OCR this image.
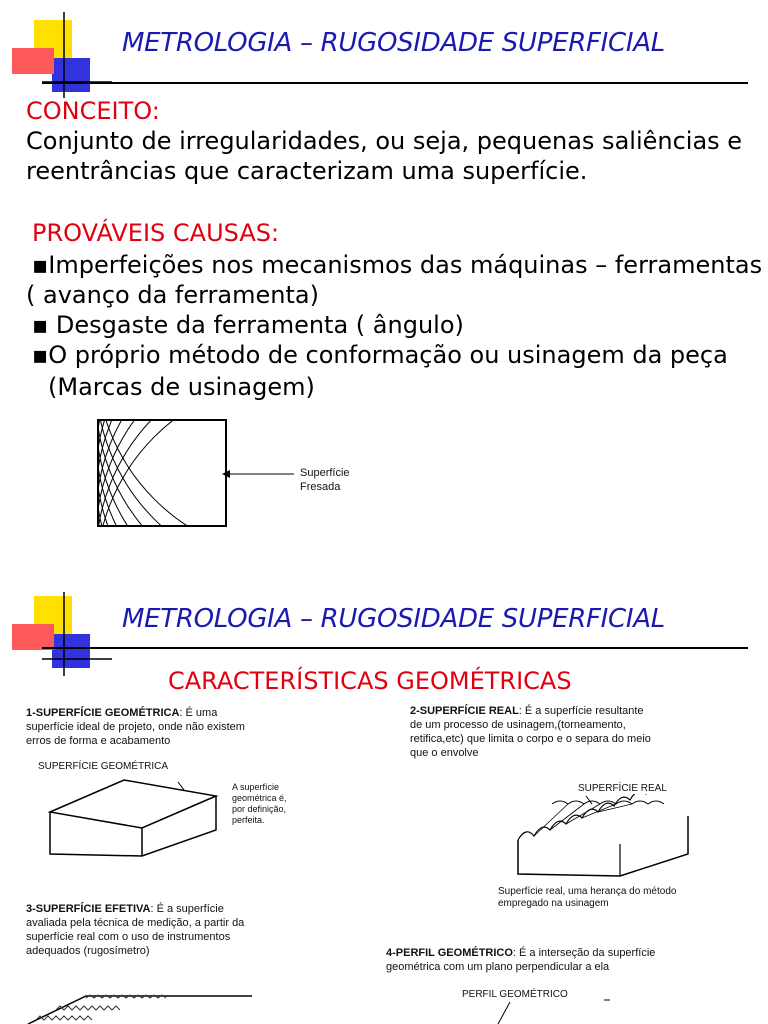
METROLOGIA – RUGOSIDADE SUPERFICIAL
CONCEITO:
Conjunto de irregularidades, ou seja, pequenas saliências e
reentrâncias que caracterizam uma superfície.
PROVÁVEIS CAUSAS:
▪Imperfeições nos mecanismos das máquinas – ferramentas
( avanço da ferramenta)
▪ Desgaste da ferramenta ( ângulo)
▪O próprio método de conformação ou usinagem da peça
(Marcas de usinagem)
Superfície
Fresada
METROLOGIA – RUGOSIDADE SUPERFICIAL
CARACTERÍSTICAS GEOMÉTRICAS
1-SUPERFÍCIE GEOMÉTRICA: É uma
superfície ideal de projeto, onde não existem
erros de forma e acabamento
SUPERFÍCIE GEOMÉTRICA
A superfície
geométrica é,
por definição,
perfeita.
2-SUPERFÍCIE REAL: É a superfície resultante
de um processo de usinagem,(torneamento,
retifica,etc) que limita o corpo e o separa do meio
que o envolve
SUPERFÍCIE REAL
Superfície real, uma herança do método
empregado na usinagem
3-SUPERFÍCIE EFETIVA: É a superfície
avaliada pela técnica de medição, a partir da
superfície real com o uso de instrumentos
adequados (rugosímetro)	4-PERFIL GEOMÉTRICO: É a interseção da superfície
geométrica com um plano perpendicular a ela
PERFIL GEOMÉTRICO
